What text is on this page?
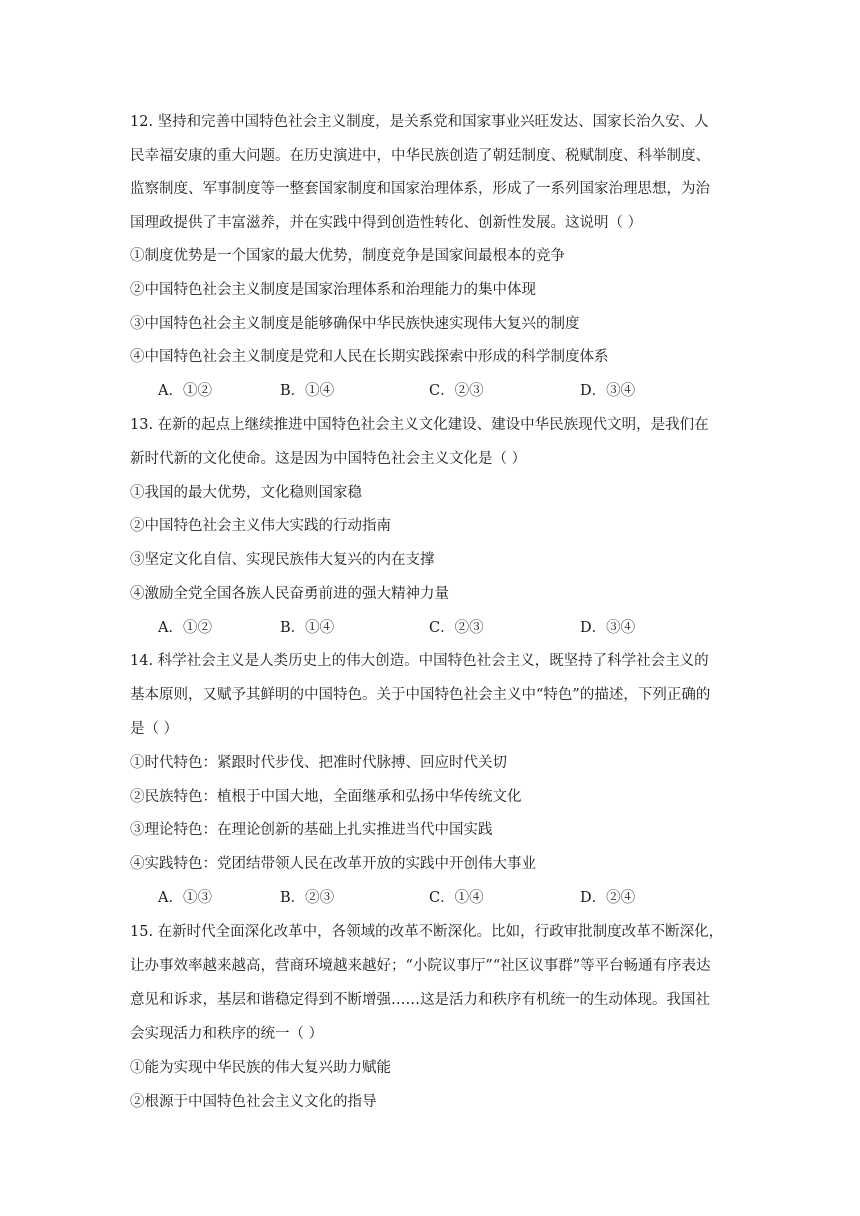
12. 坚持和完善中国特色社会主义制度，是关系党和国家事业兴旺发达、国家长治久安、人
民幸福安康的重大问题。在历史演进中，中华民族创造了朝廷制度、税赋制度、科举制度、
监察制度、军事制度等一整套国家制度和国家治理体系，形成了一系列国家治理思想，为治
国理政提供了丰富滋养，并在实践中得到创造性转化、创新性发展。这说明（ ）
①制度优势是一个国家的最大优势，制度竞争是国家间最根本的竞争
②中国特色社会主义制度是国家治理体系和治理能力的集中体现
③中国特色社会主义制度是能够确保中华民族快速实现伟大复兴的制度
④中国特色社会主义制度是党和人民在长期实践探索中形成的科学制度体系
A．①②	B．①④	C．②③	D．③④
13. 在新的起点上继续推进中国特色社会主义文化建设、建设中华民族现代文明，是我们在
新时代新的文化使命。这是因为中国特色社会主义文化是（ ）
①我国的最大优势，文化稳则国家稳
②中国特色社会主义伟大实践的行动指南
③坚定文化自信、实现民族伟大复兴的内在支撑
④激励全党全国各族人民奋勇前进的强大精神力量
A．①②	B．①④	C．②③	D．③④
14. 科学社会主义是人类历史上的伟大创造。中国特色社会主义，既坚持了科学社会主义的
基本原则，又赋予其鲜明的中国特色。关于中国特色社会主义中“特色”的描述，下列正确的
是（ ）
①时代特色：紧跟时代步伐、把准时代脉搏、回应时代关切
②民族特色：植根于中国大地，全面继承和弘扬中华传统文化
③理论特色：在理论创新的基础上扎实推进当代中国实践
④实践特色：党团结带领人民在改革开放的实践中开创伟大事业
A．①③	B．②③	C．①④	D．②④
15. 在新时代全面深化改革中，各领域的改革不断深化。比如，行政审批制度改革不断深化，
让办事效率越来越高，营商环境越来越好；“小院议事厅”“社区议事群”等平台畅通有序表达
意见和诉求，基层和谐稳定得到不断增强……这是活力和秩序有机统一的生动体现。我国社
会实现活力和秩序的统一（ ）
①能为实现中华民族的伟大复兴助力赋能
②根源于中国特色社会主义文化的指导
